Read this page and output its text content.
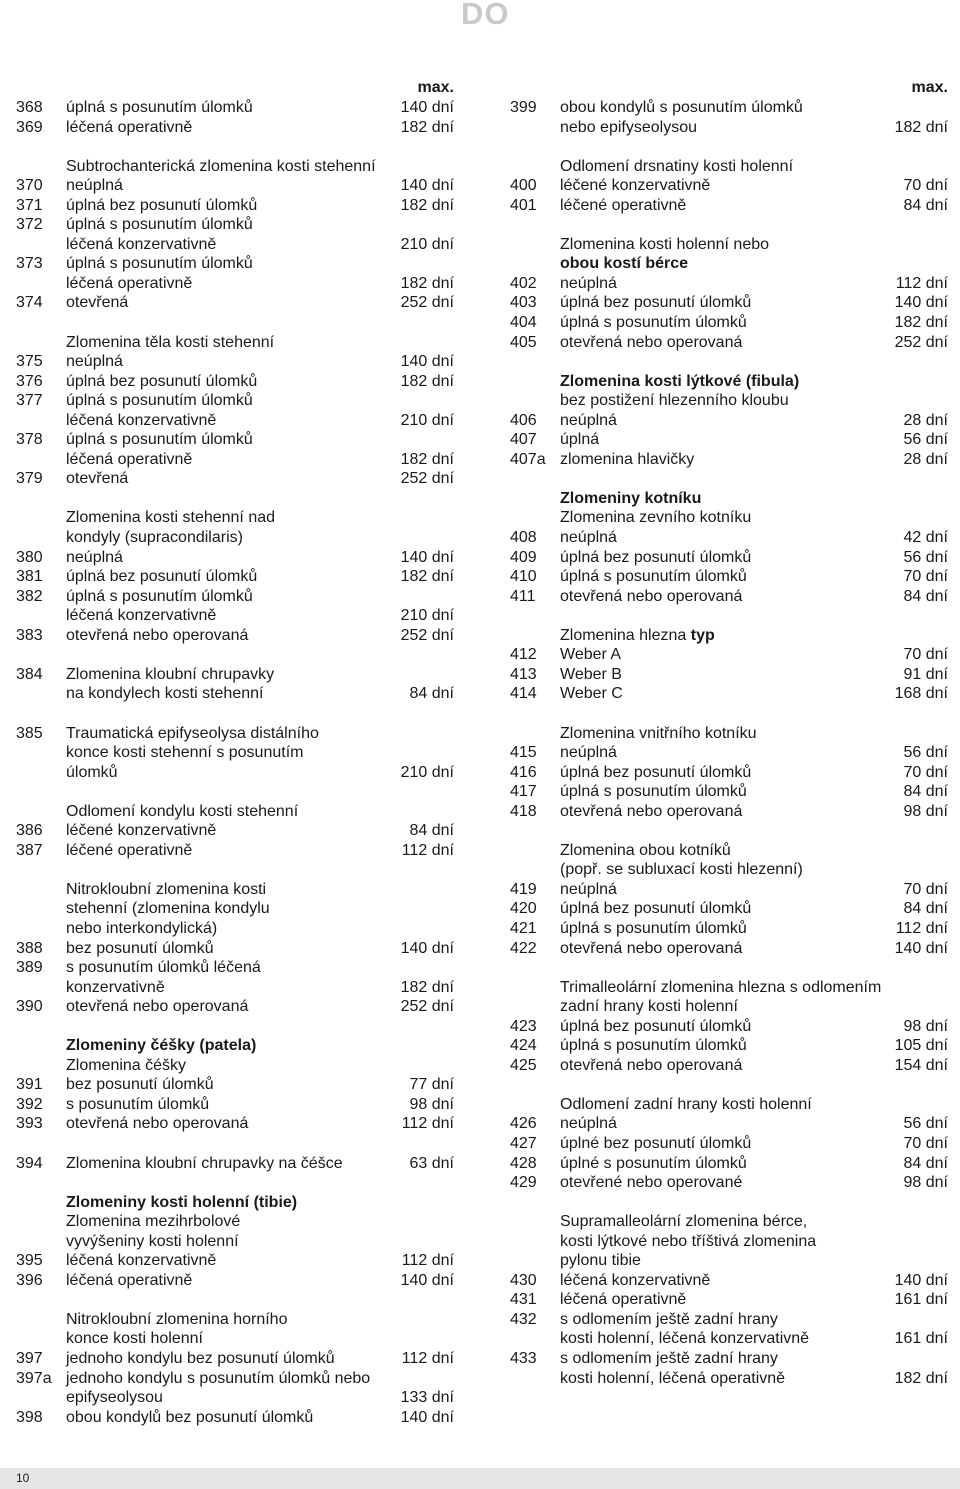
DO
max.
368	úplná s posunutím úlomků	140 dní
369	léčená operativně	182 dní
Subtrochanterická zlomenina kosti stehenní
370	neúplná	140 dní
371	úplná bez posunutí úlomků	182 dní
372	úplná s posunutím úlomků
léčená konzervativně	210 dní
373	úplná s posunutím úlomků
léčená operativně	182 dní
374	otevřená	252 dní
Zlomenina těla kosti stehenní
375	neúplná	140 dní
376	úplná bez posunutí úlomků	182 dní
377	úplná s posunutím úlomků
léčená konzervativně	210 dní
378	úplná s posunutím úlomků
léčená operativně	182 dní
379	otevřená	252 dní
Zlomenina kosti stehenní nad
kondyly (supracondilaris)
380	neúplná	140 dní
381	úplná bez posunutí úlomků	182 dní
382	úplná s posunutím úlomků
léčená konzervativně	210 dní
383	otevřená nebo operovaná	252 dní
384	Zlomenina kloubní chrupavky
na kondylech kosti stehenní	84 dní
385	Traumatická epifyseolysa distálního
konce kosti stehenní s posunutím
úlomků	210 dní
Odlomení kondylu kosti stehenní
386	léčené konzervativně	84 dní
387	léčené operativně	112 dní
Nitrokloubní zlomenina kosti
stehenní (zlomenina kondylu
nebo interkondylická)
388	bez posunutí úlomků	140 dní
389	s posunutím úlomků léčená
konzervativně	182 dní
390	otevřená nebo operovaná	252 dní
Zlomeniny čéšky (patela)
Zlomenina čéšky
391	bez posunutí úlomků	77 dní
392	s posunutím úlomků	98 dní
393	otevřená nebo operovaná	112 dní
394	Zlomenina kloubní chrupavky na čéšce	63 dní
Zlomeniny kosti holenní (tibie)
Zlomenina mezihrbolové
vyvýšeniny kosti holenní
395	léčená konzervativně	112 dní
396	léčená operativně	140 dní
Nitrokloubní zlomenina horního
konce kosti holenní
397	jednoho kondylu bez posunutí úlomků	112 dní
397a jednoho kondylu s posunutím úlomků nebo
epifyseolysou	133 dní
398	obou kondylů bez posunutí úlomků	140 dní
max.
399	obou kondylů s posunutím úlomků
nebo epifyseolysou	182 dní
Odlomení drsnatiny kosti holenní
400	léčené konzervativně	70 dní
401	léčené operativně	84 dní
Zlomenina kosti holenní nebo
obou kostí bérce
402	neúplná	112 dní
403	úplná bez posunutí úlomků	140 dní
404	úplná s posunutím úlomků	182 dní
405	otevřená nebo operovaná	252 dní
Zlomenina kosti lýtkové (fibula)
bez postižení hlezenního kloubu
406	neúplná	28 dní
407	úplná	56 dní
407a zlomenina hlavičky	28 dní
Zlomeniny kotníku
Zlomenina zevního kotníku
408	neúplná	42 dní
409	úplná bez posunutí úlomků	56 dní
410	úplná s posunutím úlomků	70 dní
411	otevřená nebo operovaná	84 dní
Zlomenina hlezna typ
412	Weber A	70 dní
413	Weber B	91 dní
414	Weber C	168 dní
Zlomenina vnitřního kotníku
415	neúplná	56 dní
416	úplná bez posunutí úlomků	70 dní
417	úplná s posunutím úlomků	84 dní
418	otevřená nebo operovaná	98 dní
Zlomenina obou kotníků
(popř. se subluxací kosti hlezenní)
419	neúplná	70 dní
420	úplná bez posunutí úlomků	84 dní
421	úplná s posunutím úlomků	112 dní
422	otevřená nebo operovaná	140 dní
Trimalleolární zlomenina hlezna s odlomením
zadní hrany kosti holenní
423	úplná bez posunutí úlomků	98 dní
424	úplná s posunutím úlomků	105 dní
425	otevřená nebo operovaná	154 dní
Odlomení zadní hrany kosti holenní
426	neúplná	56 dní
427	úplné bez posunutí úlomků	70 dní
428	úplné s posunutím úlomků	84 dní
429	otevřené nebo operované	98 dní
Supramalleolární zlomenina bérce,
kosti lýtkové nebo tříštivá zlomenina
pylonu tibie
430	léčená konzervativně	140 dní
431	léčená operativně	161 dní
432	s odlomením ještě zadní hrany
kosti holenní, léčená konzervativně	161 dní
433	s odlomením ještě zadní hrany
kosti holenní, léčená operativně	182 dní
10
